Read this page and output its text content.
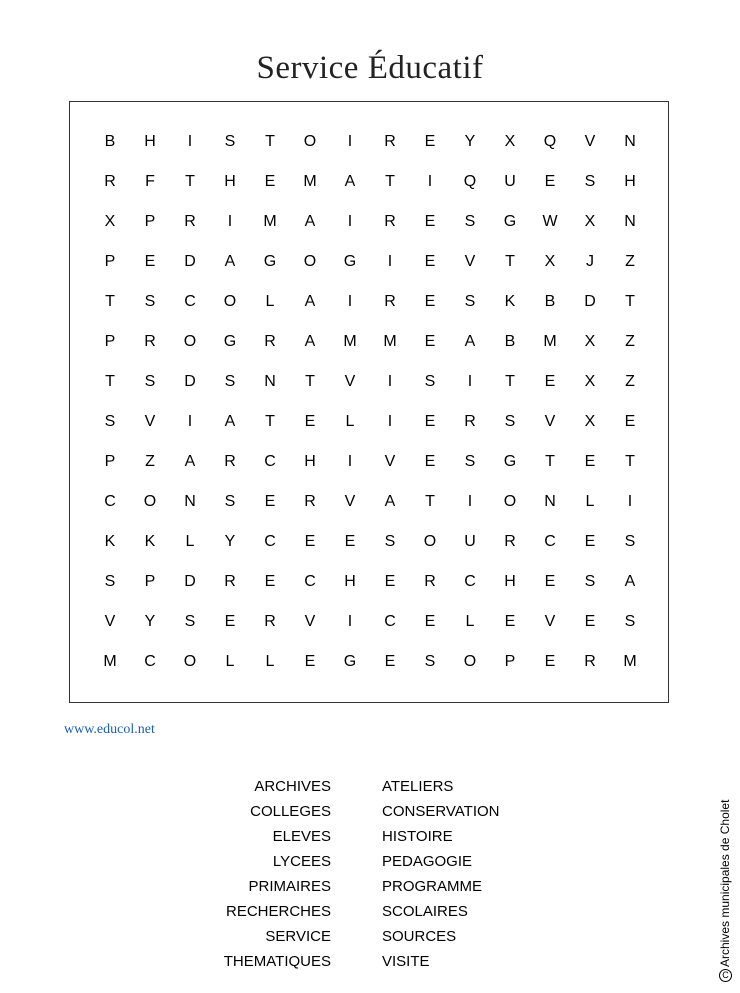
Service Éducatif
B	H	I	S	T	O	I	R	E	Y	X	Q	V	N
R	F	T	H	E	M	A	T	I	Q	U	E	S	H
X	P	R	I	M	A	I	R	E	S	G	W	X	N
P	E	D	A	G	O	G	I	E	V	T	X	J	Z
T	S	C	O	L	A	I	R	E	S	K	B	D	T
P	R	O	G	R	A	M	M	E	A	B	M	X	Z
T	S	D	S	N	T	V	I	S	I	T	E	X	Z
S	V	I	A	T	E	L	I	E	R	S	V	X	E
P	Z	A	R	C	H	I	V	E	S	G	T	E	T
C	O	N	S	E	R	V	A	T	I	O	N	L	I
K	K	L	Y	C	E	E	S	O	U	R	C	E	S
S	P	D	R	E	C	H	E	R	C	H	E	S	A
V	Y	S	E	R	V	I	C	E	L	E	V	E	S
M	C	O	L	L	E	G	E	S	O	P	E	R	M
www.educol.net
ARCHIVES
COLLEGES
ELEVES
LYCEES
PRIMAIRES
RECHERCHES
SERVICE
THEMATIQUES
ATELIERS
CONSERVATION
HISTOIRE
PEDAGOGIE
PROGRAMME
SCOLAIRES
SOURCES
VISITE
C
Archives municipales de Cholet
